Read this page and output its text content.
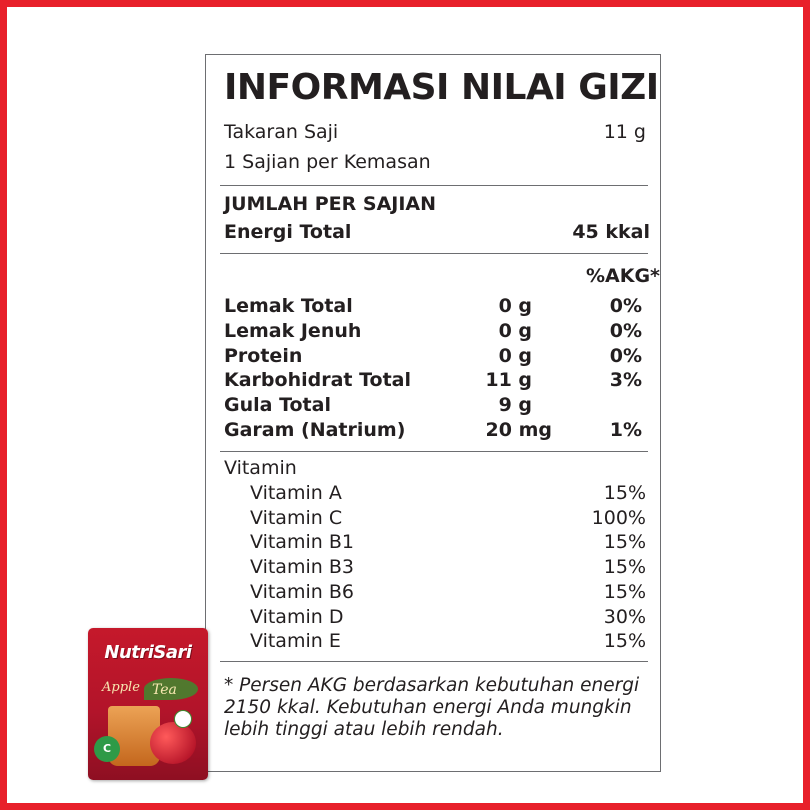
INFORMASI NILAI GIZI
Takaran Saji	11 g
1 Sajian per Kemasan
JUMLAH PER SAJIAN
Energi Total	45 kkal
%AKG*
Lemak Total	0 g	0%
Lemak Jenuh	0 g	0%
Protein	0 g	0%
Karbohidrat Total	11 g	3%
Gula Total	9 g
Garam (Natrium)	20 mg	1%
Vitamin
Vitamin A	15%
Vitamin C	100%
Vitamin B1	15%
Vitamin B3	15%
Vitamin B6	15%
Vitamin D	30%
Vitamin E	15%
* Persen AKG berdasarkan kebutuhan energi 2150 kkal. Kebutuhan energi Anda mungkin lebih tinggi atau lebih rendah.
NutriSari
Apple Tea
C
